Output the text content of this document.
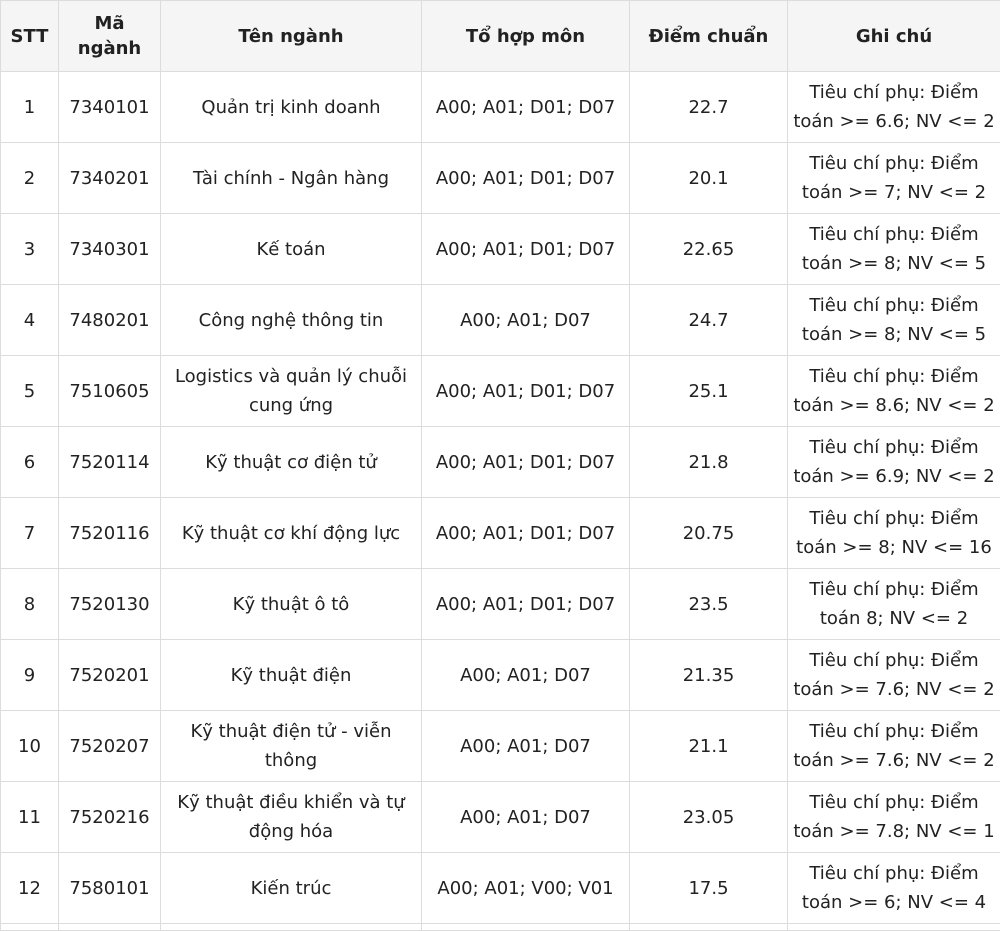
STT	Mã ngành	Tên ngành	Tổ hợp môn	Điểm chuẩn	Ghi chú
1	7340101	Quản trị kinh doanh	A00; A01; D01; D07	22.7	Tiêu chí phụ: Điểm toán >= 6.6; NV <= 2
2	7340201	Tài chính - Ngân hàng	A00; A01; D01; D07	20.1	Tiêu chí phụ: Điểm toán >= 7; NV <= 2
3	7340301	Kế toán	A00; A01; D01; D07	22.65	Tiêu chí phụ: Điểm toán >= 8; NV <= 5
4	7480201	Công nghệ thông tin	A00; A01; D07	24.7	Tiêu chí phụ: Điểm toán >= 8; NV <= 5
5	7510605	Logistics và quản lý chuỗi cung ứng	A00; A01; D01; D07	25.1	Tiêu chí phụ: Điểm toán >= 8.6; NV <= 2
6	7520114	Kỹ thuật cơ điện tử	A00; A01; D01; D07	21.8	Tiêu chí phụ: Điểm toán >= 6.9; NV <= 2
7	7520116	Kỹ thuật cơ khí động lực	A00; A01; D01; D07	20.75	Tiêu chí phụ: Điểm toán >= 8; NV <= 16
8	7520130	Kỹ thuật ô tô	A00; A01; D01; D07	23.5	Tiêu chí phụ: Điểm toán 8; NV <= 2
9	7520201	Kỹ thuật điện	A00; A01; D07	21.35	Tiêu chí phụ: Điểm toán >= 7.6; NV <= 2
10	7520207	Kỹ thuật điện tử - viễn thông	A00; A01; D07	21.1	Tiêu chí phụ: Điểm toán >= 7.6; NV <= 2
11	7520216	Kỹ thuật điều khiển và tự động hóa	A00; A01; D07	23.05	Tiêu chí phụ: Điểm toán >= 7.8; NV <= 1
12	7580101	Kiến trúc	A00; A01; V00; V01	17.5	Tiêu chí phụ: Điểm toán >= 6; NV <= 4
